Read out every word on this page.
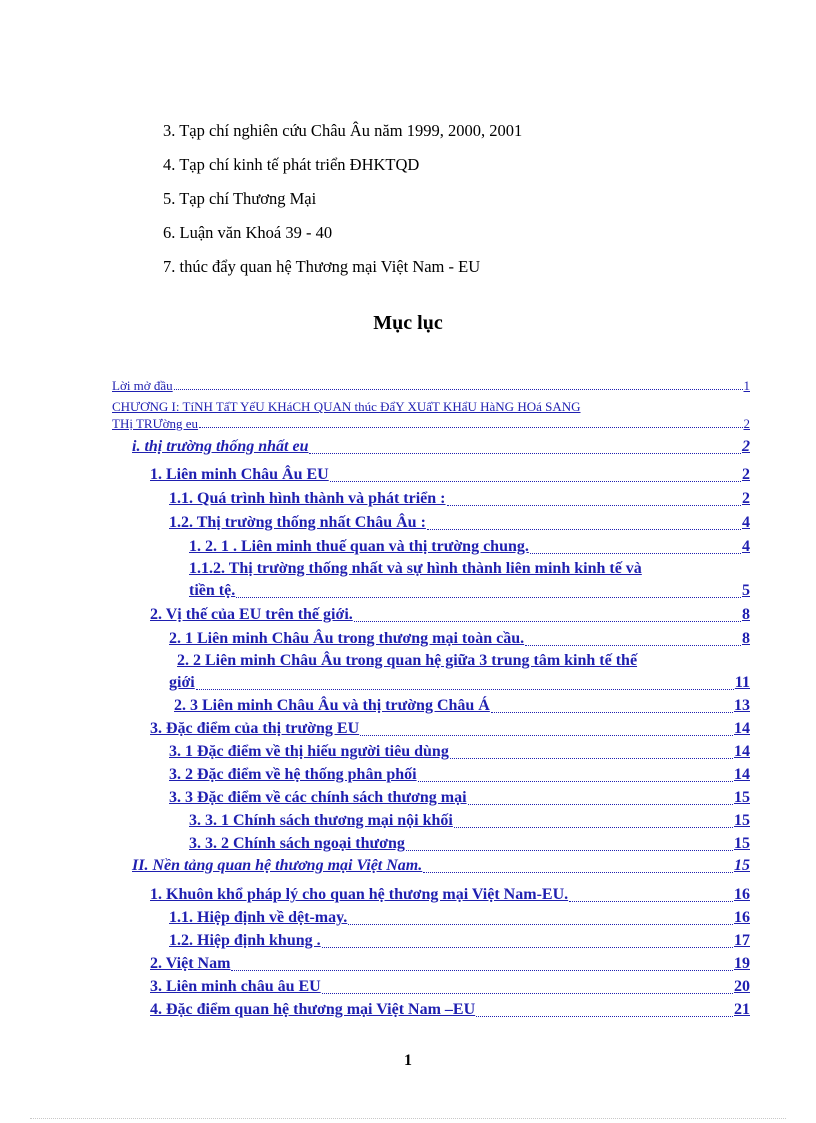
3. Tạp chí nghiên cứu Châu Âu năm 1999, 2000, 2001
4. Tạp chí kinh tế phát triển ĐHKTQD
5. Tạp chí Thương Mại
6. Luận văn Khoá 39 - 40
7. thúc đẩy quan hệ Thương mại Việt Nam - EU
Mục lục
Lời mở đầu	1
CHƯƠNG I: TíNH TấT YếU KHáCH QUAN thúc ĐẩY XUấT KHẩU HàNG HOá SANG
THị TRƯờng eu	2
i. thị trường thống nhất eu	2
1. Liên minh Châu Âu EU	2
1.1. Quá trình hình thành và phát triển :	2
1.2. Thị trường thống nhất Châu Âu :	4
1. 2. 1 . Liên minh thuế quan và thị trường chung.	4
1.1.2. Thị trường thống nhất và sự hình thành liên minh kinh tế và
tiền tệ.	5
2. Vị thế của EU trên thế giới.	8
2. 1 Liên minh Châu Âu trong thương mại toàn cầu.	8
2. 2 Liên minh Châu Âu trong quan hệ giữa 3 trung tâm kinh tế thế
giới	11
2. 3 Liên minh Châu Âu và thị trường Châu Á	13
3. Đặc điểm của thị trường EU	14
3. 1 Đặc điểm về thị hiếu người tiêu dùng	14
3. 2 Đặc điểm về hệ thống phân phối	14
3. 3 Đặc điểm về các chính sách thương mại	15
3. 3. 1 Chính sách thương mại nội khối	15
3. 3. 2 Chính sách ngoại thương	15
II. Nền tảng quan hệ thương mại Việt Nam.	15
1. Khuôn khổ pháp lý cho quan hệ thương mại Việt Nam-EU.	16
1.1. Hiệp định về dệt-may.	16
1.2. Hiệp định khung .	17
2. Việt Nam	19
3. Liên minh châu âu EU	20
4. Đặc điểm quan hệ thương mại Việt Nam –EU	21
1
